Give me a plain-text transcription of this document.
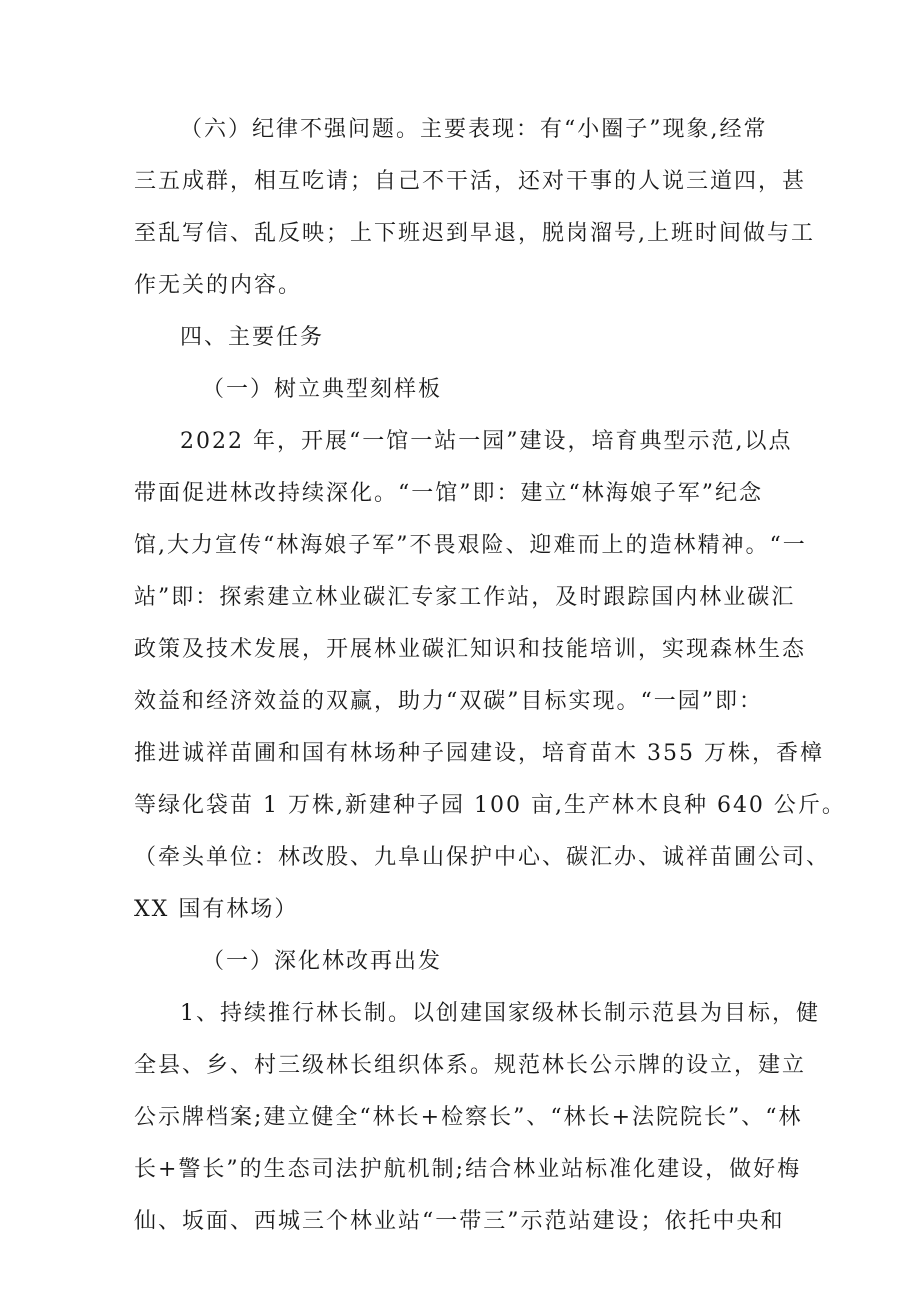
（六）纪律不强问题。主要表现：有“小圈子”现象,经常
三五成群，相互吃请；自己不干活，还对干事的人说三道四，甚
至乱写信、乱反映；上下班迟到早退，脱岗溜号,上班时间做与工
作无关的内容。
四、主要任务
（一）树立典型刻样板
2022 年，开展“一馆一站一园”建设，培育典型示范,以点
带面促进林改持续深化。“一馆”即：建立“林海娘子军”纪念
馆,大力宣传“林海娘子军”不畏艰险、迎难而上的造林精神。“一
站”即：探索建立林业碳汇专家工作站，及时跟踪国内林业碳汇
政策及技术发展，开展林业碳汇知识和技能培训，实现森林生态
效益和经济效益的双赢，助力“双碳”目标实现。“一园”即：
推进诚祥苗圃和国有林场种子园建设，培育苗木 355 万株，香樟
等绿化袋苗 1 万株,新建种子园 100 亩,生产林木良种 640 公斤。
（牵头单位：林改股、九阜山保护中心、碳汇办、诚祥苗圃公司、
XX 国有林场）
（一）深化林改再出发
1、持续推行林长制。以创建国家级林长制示范县为目标，健
全县、乡、村三级林长组织体系。规范林长公示牌的设立，建立
公示牌档案;建立健全“林长+检察长”、“林长+法院院长”、“林
长+警长”的生态司法护航机制;结合林业站标准化建设，做好梅
仙、坂面、西城三个林业站“一带三”示范站建设；依托中央和
